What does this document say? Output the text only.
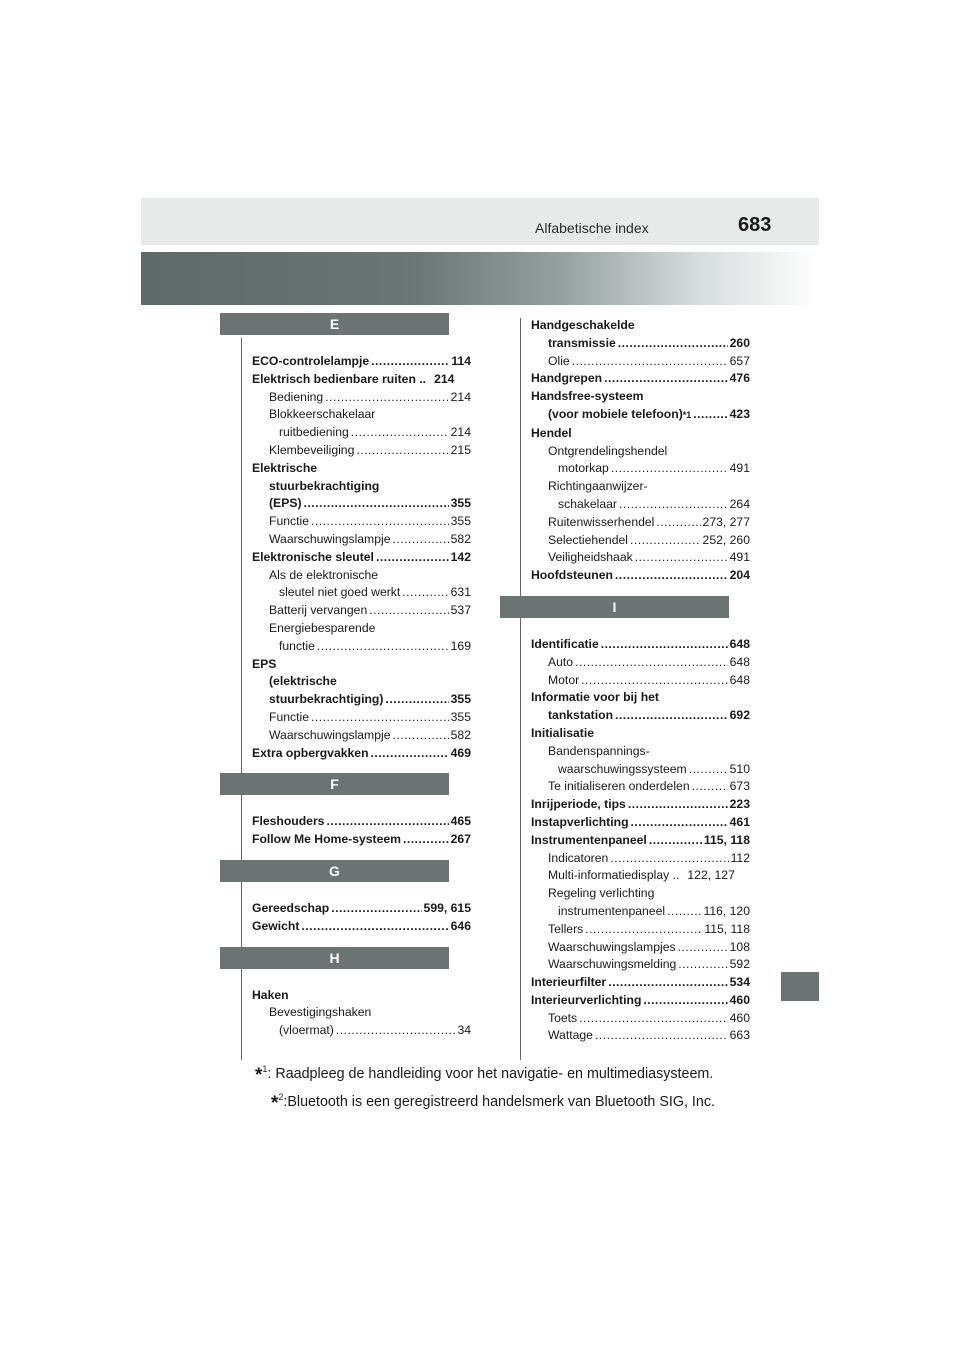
Alfabetische index	683
E
ECO-controlelampje .....	114
Elektrisch bedienbare ruiten .. 214
Bediening .....	214
Blokkeerschakelaar
ruitbediening .....	214
Klembeveiliging .....	215
Elektrische
stuurbekrachtiging
(EPS) .....	355
Functie .....	355
Waarschuwingslampje .....	582
Elektronische sleutel .....	142
Als de elektronische
sleutel niet goed werkt .....	631
Batterij vervangen .....	537
Energiebesparende
functie .....	169
EPS
(elektrische
stuurbekrachtiging) .....	355
Functie .....	355
Waarschuwingslampje .....	582
Extra opbergvakken .....	469
F
Fleshouders .....	465
Follow Me Home-systeem .....	267
G
Gereedschap .....	599, 615
Gewicht .....	646
H
Haken
Bevestigingshaken
(vloermat) .....	34
Handgeschakelde
transmissie .....	260
Olie .....	657
Handgrepen .....	476
Handsfree-systeem
(voor mobiele telefoon) *1 .....	423
Hendel
Ontgrendelingshendel
motorkap .....	491
Richtingaanwijzer-
schakelaar .....	264
Ruitenwisserhendel .....	273, 277
Selectiehendel .....	252, 260
Veiligheidshaak .....	491
Hoofdsteunen .....	204
I
Identificatie .....	648
Auto .....	648
Motor .....	648
Informatie voor bij het
tankstation .....	692
Initialisatie
Bandenspannings-
waarschuwingssysteem .....	510
Te initialiseren onderdelen .....	673
Inrijperiode, tips .....	223
Instapverlichting .....	461
Instrumentenpaneel .....	115, 118
Indicatoren .....	112
Multi-informatiedisplay .. 122, 127
Regeling verlichting
instrumentenpaneel .....	116, 120
Tellers .....	115, 118
Waarschuwingslampjes .....	108
Waarschuwingsmelding .....	592
Interieurfilter .....	534
Interieurverlichting .....	460
Toets .....	460
Wattage .....	663
*$^1$: Raadpleeg de handleiding voor het navigatie- en multimediasysteem.
*$^2$:Bluetooth is een geregistreerd handelsmerk van Bluetooth SIG, Inc.
